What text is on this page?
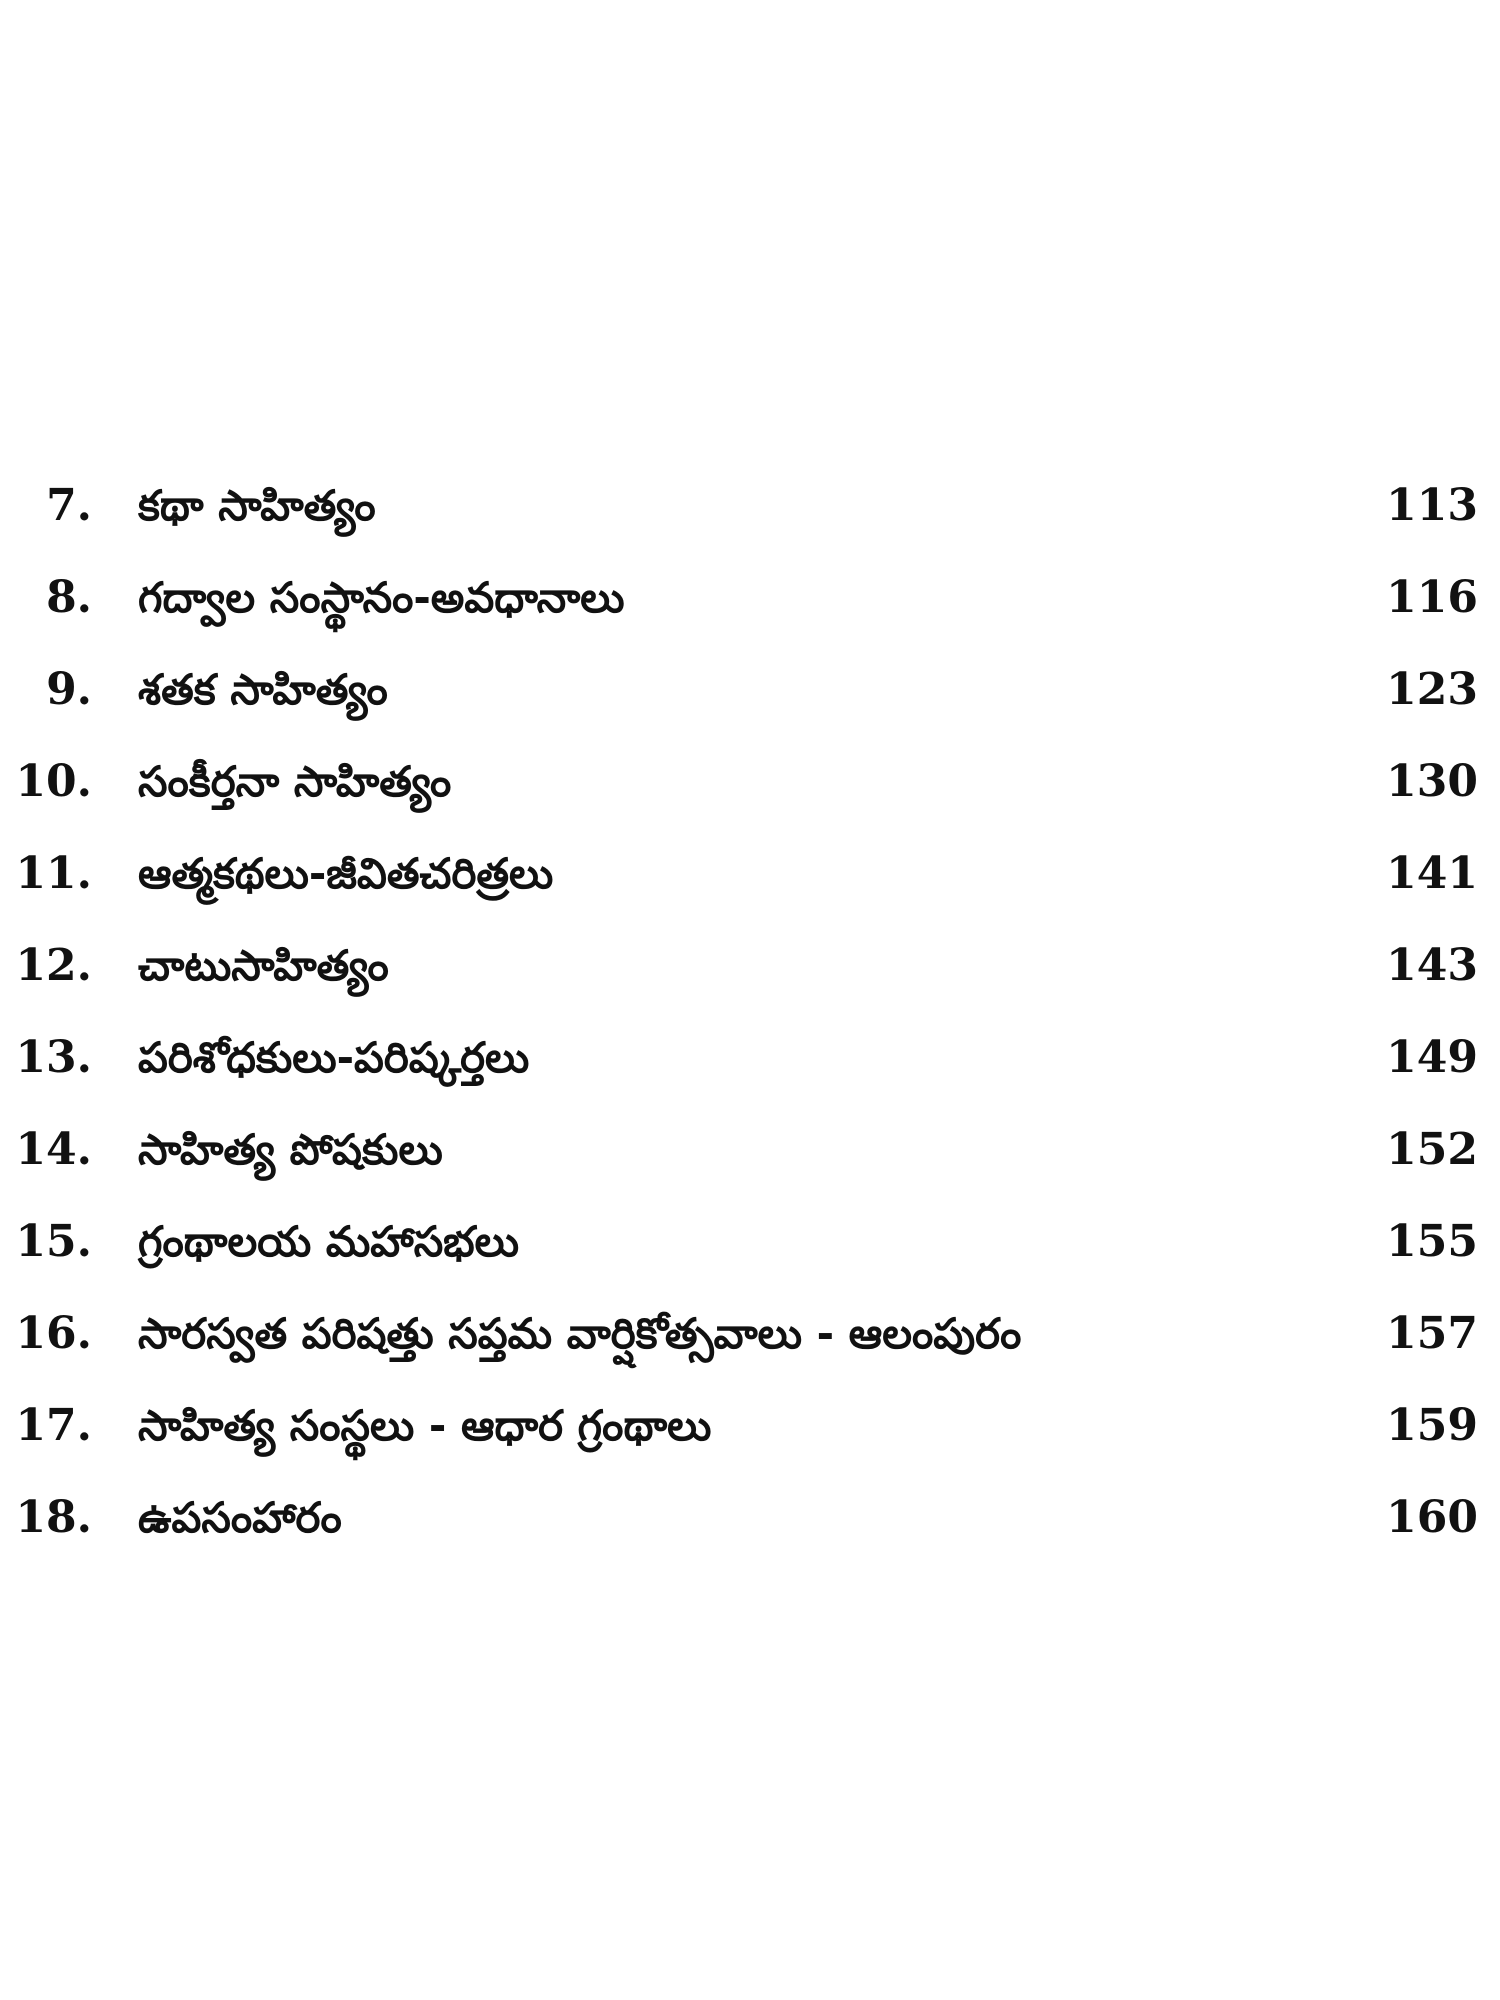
7. కథా సాహిత్యం	113
8. గద్వాల సంస్థానం-అవధానాలు	116
9. శతక సాహిత్యం	123
10. సంకీర్తనా సాహిత్యం	130
11. ఆత్మకథలు-జీవితచరిత్రలు	141
12. చాటుసాహిత్యం	143
13. పరిశోధకులు-పరిష్కర్తలు	149
14. సాహిత్య పోషకులు	152
15. గ్రంథాలయ మహాసభలు	155
16. సారస్వత పరిషత్తు సప్తమ వార్షికోత్సవాలు - ఆలంపురం	157
17. సాహిత్య సంస్థలు - ఆధార గ్రంథాలు	159
18. ఉపసంహారం	160
